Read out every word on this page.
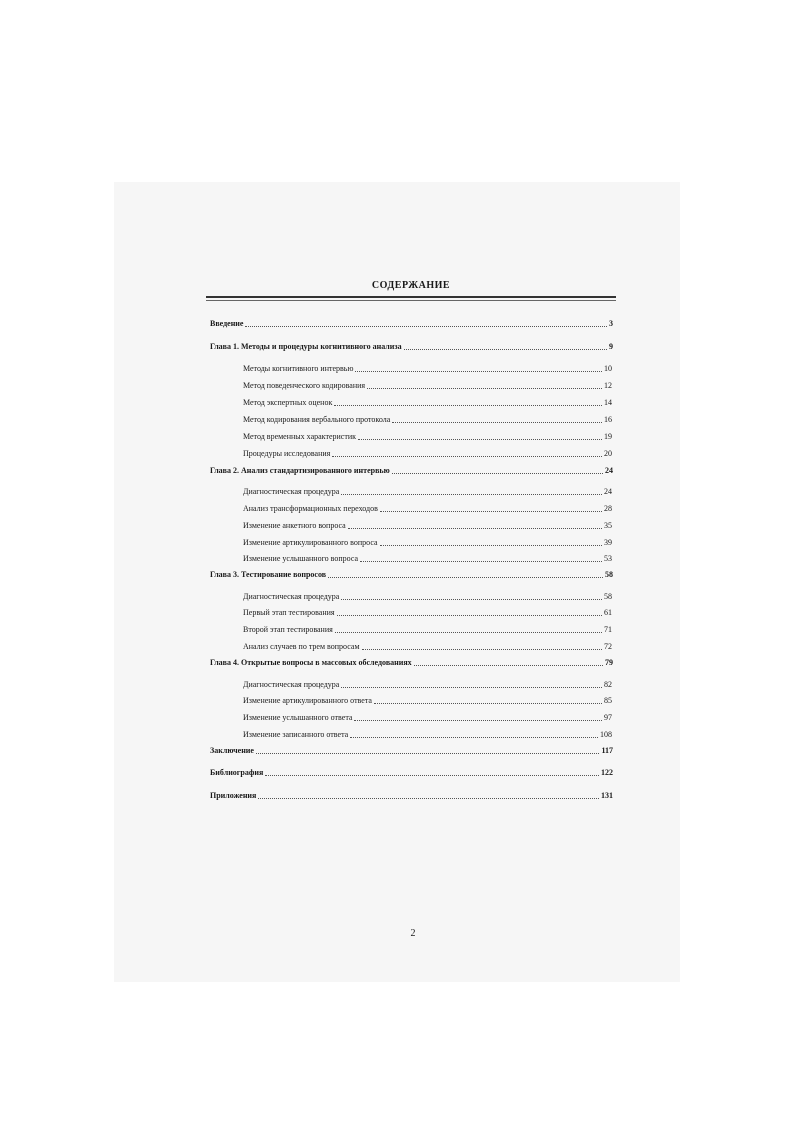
СОДЕРЖАНИЕ
Введение	3
Глава 1. Методы и процедуры когнитивного анализа	9
Методы когнитивного интервью	10
Метод поведенческого кодирования	12
Метод экспертных оценок	14
Метод кодирования вербального протокола	16
Метод временных характеристик	19
Процедуры исследования	20
Глава 2. Анализ стандартизированного интервью	24
Диагностическая процедура	24
Анализ трансформационных переходов	28
Изменение анкетного вопроса	35
Изменение артикулированного вопроса	39
Изменение услышанного вопроса	53
Глава 3. Тестирование вопросов	58
Диагностическая процедура	58
Первый этап тестирования	61
Второй этап тестирования	71
Анализ случаев по трем вопросам	72
Глава 4. Открытые вопросы в массовых обследованиях	79
Диагностическая процедура	82
Изменение артикулированного ответа	85
Изменение услышанного ответа	97
Изменение записанного ответа	108
Заключение	117
Библиография	122
Приложения	131
2
